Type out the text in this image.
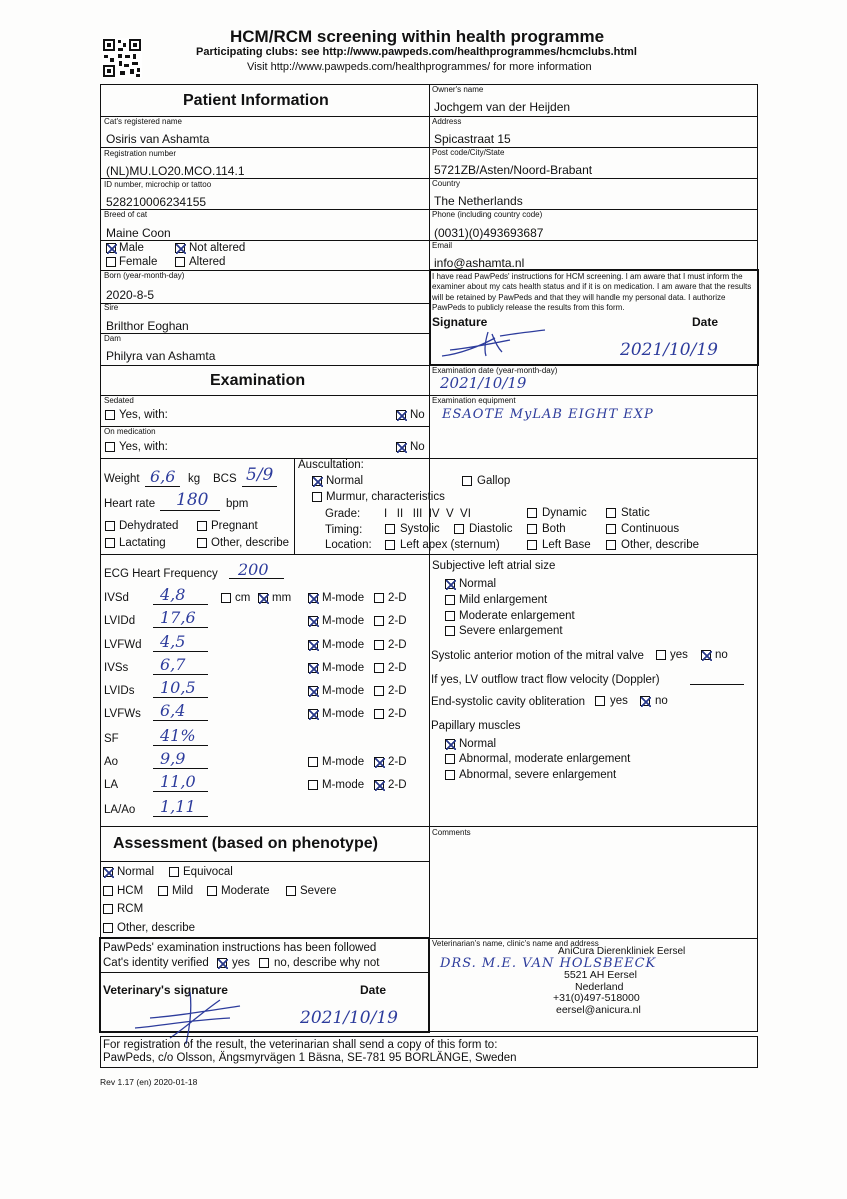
HCM/RCM screening within health programme
Participating clubs: see http://www.pawpeds.com/healthprogrammes/hcmclubs.html
Visit http://www.pawpeds.com/healthprogrammes/ for more information
Patient Information
Cat's registered name
Osiris van Ashamta
Registration number
(NL)MU.LO20.MCO.114.1
ID number, microchip or tattoo
528210006234155
Breed of cat
Maine Coon
Male	Not altered
Female	Altered
Born (year-month-day)
2020-8-5
Sire
Brilthor Eoghan
Dam
Philyra van Ashamta
Examination
Owner's name
Jochgem van der Heijden
Address
Spicastraat 15
Post code/City/State
5721ZB/Asten/Noord-Brabant
Country
The Netherlands
Phone (including country code)
(0031)(0)493693687
Email
info@ashamta.nl
I have read PawPeds' instructions for HCM screening. I am aware that I must inform the examiner about my cats health status and if it is on medication. I am aware that the results will be retained by PawPeds and that they will handle my personal data. I authorize PawPeds to publicly release the results from this form.
Signature	Date
2021/10/19
Examination date (year-month-day)
2021/10/19
Sedated
Yes, with:	No
Examination equipment
ESAOTE MyLAB EIGHT EXP
On medication
Yes, with:	No
Weight 6,6 kg BCS 5/9
Heart rate 180 bpm
Dehydrated	Pregnant
Lactating	Other, describe
Auscultation:
Normal	Gallop
Murmur, characteristics
Grade: I   II   III  IV  V  VI	Dynamic	Static
Timing:	Systolic	Diastolic	Both	Continuous
Location: Left apex (sternum)	Left Base	Other, describe
ECG Heart Frequency 200
IVSd 4,8	M-mode 2-D
cm mm
LVIDd 17,6	M-mode 2-D
LVFWd 4,5	M-mode 2-D
IVSs 6,7	M-mode 2-D
LVIDs 10,5	M-mode 2-D
LVFWs 6,4	M-mode 2-D
SF	41%
Ao	9,9	M-mode 2-D
LA	11,0	M-mode 2-D
LA/Ao 1,11
Subjective left atrial size
Normal
Mild enlargement
Moderate enlargement
Severe enlargement
Systolic anterior motion of the mitral valve yes no
If yes, LV outflow tract flow velocity (Doppler)
End-systolic cavity obliteration yes no
Papillary muscles
Normal
Abnormal, moderate enlargement
Abnormal, severe enlargement
Assessment (based on phenotype)
Normal	Equivocal
HCM	Mild Moderate	Severe
RCM
Other, describe
Comments
PawPeds' examination instructions has been followed
Cat's identity verified yes no, describe why not
Veterinary's signature	Date
2021/10/19
Veterinarian's name, clinic's name and address
AniCura Dierenkliniek Eersel
DRS. M.E. VAN HOLSBEECK
5521 AH Eersel
Nederland
+31(0)497-518000
eersel@anicura.nl
For registration of the result, the veterinarian shall send a copy of this form to:
PawPeds, c/o Olsson, Ängsmyrvägen 1 Bäsna, SE-781 95 BORLÄNGE, Sweden
Rev 1.17 (en) 2020-01-18
